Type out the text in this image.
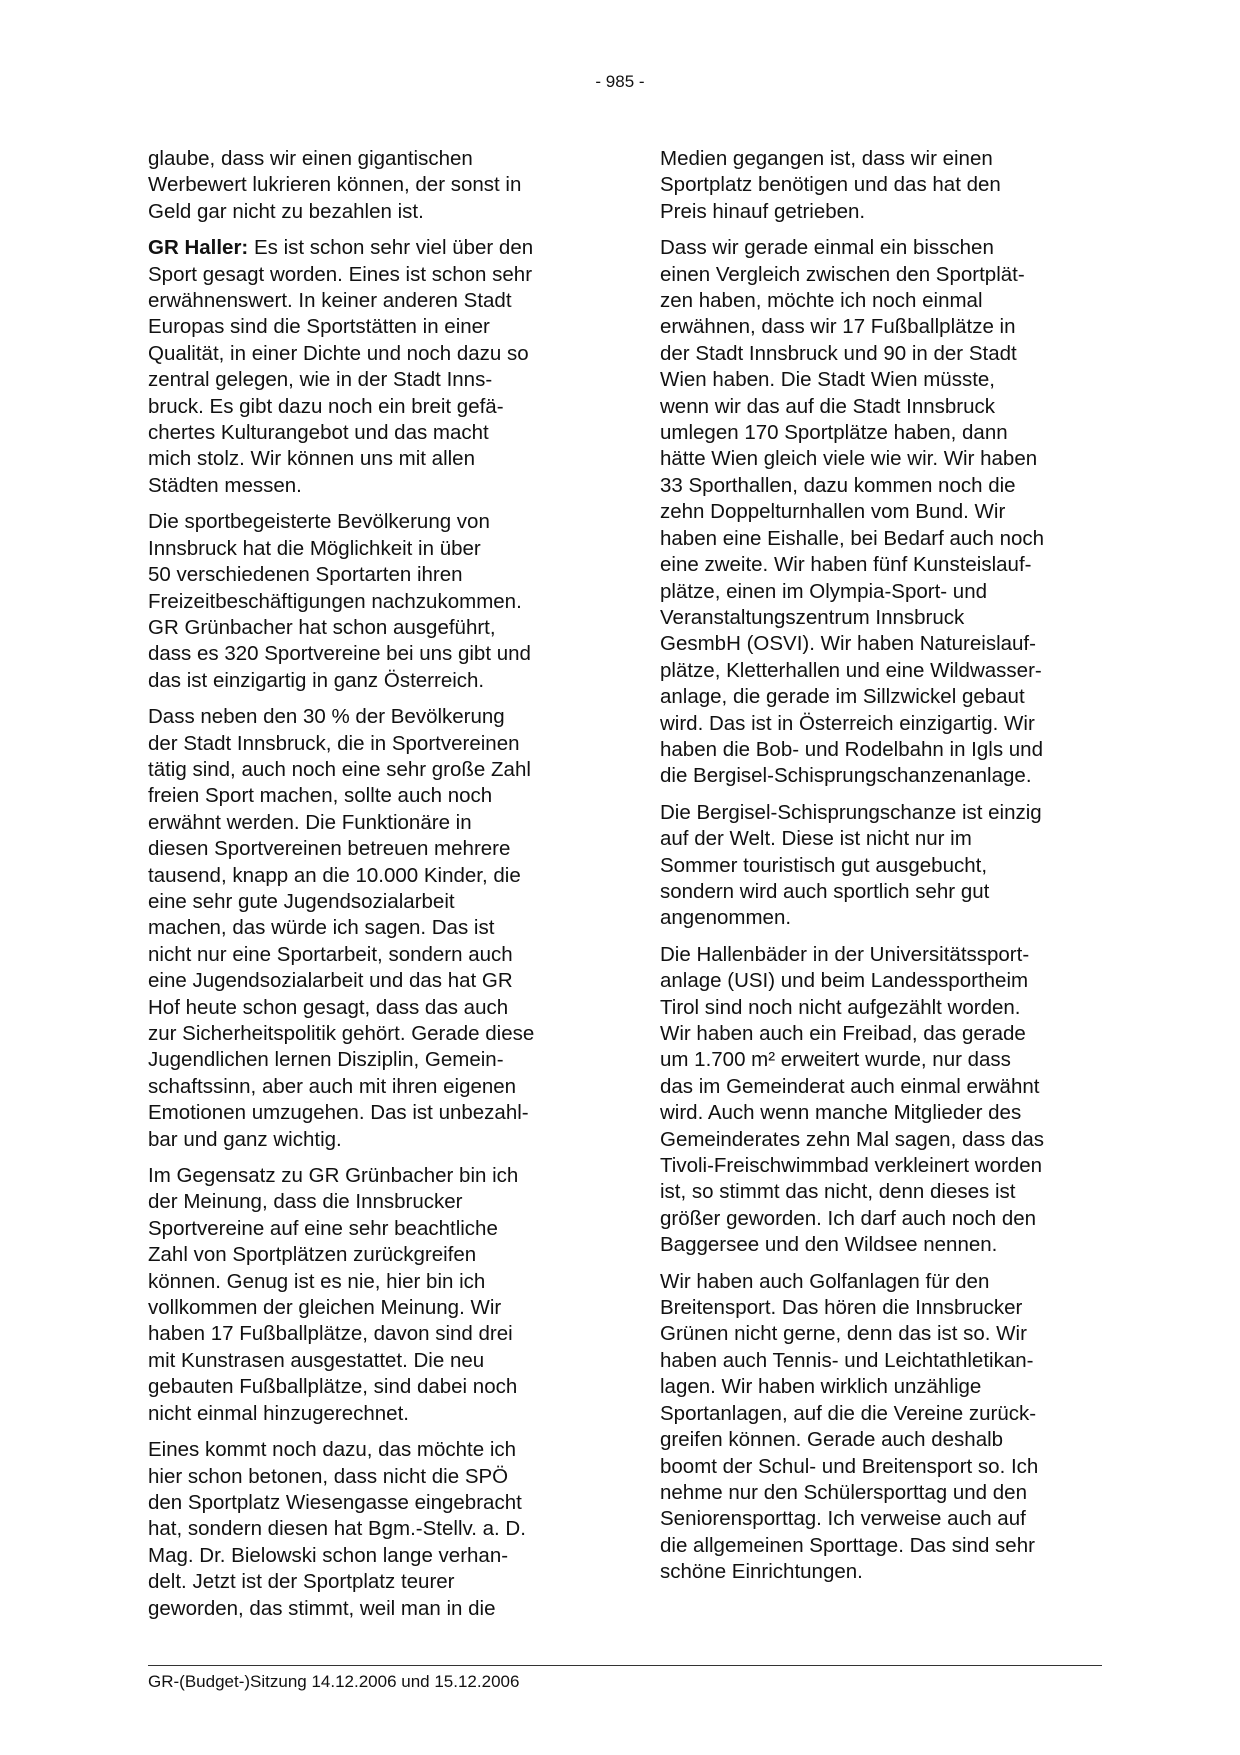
- 985 -

glaube, dass wir einen gigantischen
Werbewert lukrieren können, der sonst in
Geld gar nicht zu bezahlen ist.

GR Haller: Es ist schon sehr viel über den
Sport gesagt worden. Eines ist schon sehr
erwähnenswert. In keiner anderen Stadt
Europas sind die Sportstätten in einer
Qualität, in einer Dichte und noch dazu so
zentral gelegen, wie in der Stadt Inns-
bruck. Es gibt dazu noch ein breit gefä-
chertes Kulturangebot und das macht
mich stolz. Wir können uns mit allen
Städten messen.

Die sportbegeisterte Bevölkerung von
Innsbruck hat die Möglichkeit in über
50 verschiedenen Sportarten ihren
Freizeitbeschäftigungen nachzukommen.
GR Grünbacher hat schon ausgeführt,
dass es 320 Sportvereine bei uns gibt und
das ist einzigartig in ganz Österreich.

Dass neben den 30 % der Bevölkerung
der Stadt Innsbruck, die in Sportvereinen
tätig sind, auch noch eine sehr große Zahl
freien Sport machen, sollte auch noch
erwähnt werden. Die Funktionäre in
diesen Sportvereinen betreuen mehrere
tausend, knapp an die 10.000 Kinder, die
eine sehr gute Jugendsozialarbeit
machen, das würde ich sagen. Das ist
nicht nur eine Sportarbeit, sondern auch
eine Jugendsozialarbeit und das hat GR
Hof heute schon gesagt, dass das auch
zur Sicherheitspolitik gehört. Gerade diese
Jugendlichen lernen Disziplin, Gemein-
schaftssinn, aber auch mit ihren eigenen
Emotionen umzugehen. Das ist unbezahl-
bar und ganz wichtig.

Im Gegensatz zu GR Grünbacher bin ich
der Meinung, dass die Innsbrucker
Sportvereine auf eine sehr beachtliche
Zahl von Sportplätzen zurückgreifen
können. Genug ist es nie, hier bin ich
vollkommen der gleichen Meinung. Wir
haben 17 Fußballplätze, davon sind drei
mit Kunstrasen ausgestattet. Die neu
gebauten Fußballplätze, sind dabei noch
nicht einmal hinzugerechnet.

Eines kommt noch dazu, das möchte ich
hier schon betonen, dass nicht die SPÖ
den Sportplatz Wiesengasse eingebracht
hat, sondern diesen hat Bgm.-Stellv. a. D.
Mag. Dr. Bielowski schon lange verhan-
delt. Jetzt ist der Sportplatz teurer
geworden, das stimmt, weil man in die

Medien gegangen ist, dass wir einen
Sportplatz benötigen und das hat den
Preis hinauf getrieben.

Dass wir gerade einmal ein bisschen
einen Vergleich zwischen den Sportplät-
zen haben, möchte ich noch einmal
erwähnen, dass wir 17 Fußballplätze in
der Stadt Innsbruck und 90 in der Stadt
Wien haben. Die Stadt Wien müsste,
wenn wir das auf die Stadt Innsbruck
umlegen 170 Sportplätze haben, dann
hätte Wien gleich viele wie wir. Wir haben
33 Sporthallen, dazu kommen noch die
zehn Doppelturnhallen vom Bund. Wir
haben eine Eishalle, bei Bedarf auch noch
eine zweite. Wir haben fünf Kunsteislauf-
plätze, einen im Olympia-Sport- und
Veranstaltungszentrum Innsbruck
GesmbH (OSVI). Wir haben Natureislauf-
plätze, Kletterhallen und eine Wildwasser-
anlage, die gerade im Sillzwickel gebaut
wird. Das ist in Österreich einzigartig. Wir
haben die Bob- und Rodelbahn in Igls und
die Bergisel-Schisprungschanzenanlage.

Die Bergisel-Schisprungschanze ist einzig
auf der Welt. Diese ist nicht nur im
Sommer touristisch gut ausgebucht,
sondern wird auch sportlich sehr gut
angenommen.

Die Hallenbäder in der Universitätssport-
anlage (USI) und beim Landessportheim
Tirol sind noch nicht aufgezählt worden.
Wir haben auch ein Freibad, das gerade
um 1.700 m² erweitert wurde, nur dass
das im Gemeinderat auch einmal erwähnt
wird. Auch wenn manche Mitglieder des
Gemeinderates zehn Mal sagen, dass das
Tivoli-Freischwimmbad verkleinert worden
ist, so stimmt das nicht, denn dieses ist
größer geworden. Ich darf auch noch den
Baggersee und den Wildsee nennen.

Wir haben auch Golfanlagen für den
Breitensport. Das hören die Innsbrucker
Grünen nicht gerne, denn das ist so. Wir
haben auch Tennis- und Leichtathletikan-
lagen. Wir haben wirklich unzählige
Sportanlagen, auf die die Vereine zurück-
greifen können. Gerade auch deshalb
boomt der Schul- und Breitensport so. Ich
nehme nur den Schülersporttag und den
Seniorensporttag. Ich verweise auch auf
die allgemeinen Sporttage. Das sind sehr
schöne Einrichtungen.

GR-(Budget-)Sitzung 14.12.2006 und 15.12.2006
